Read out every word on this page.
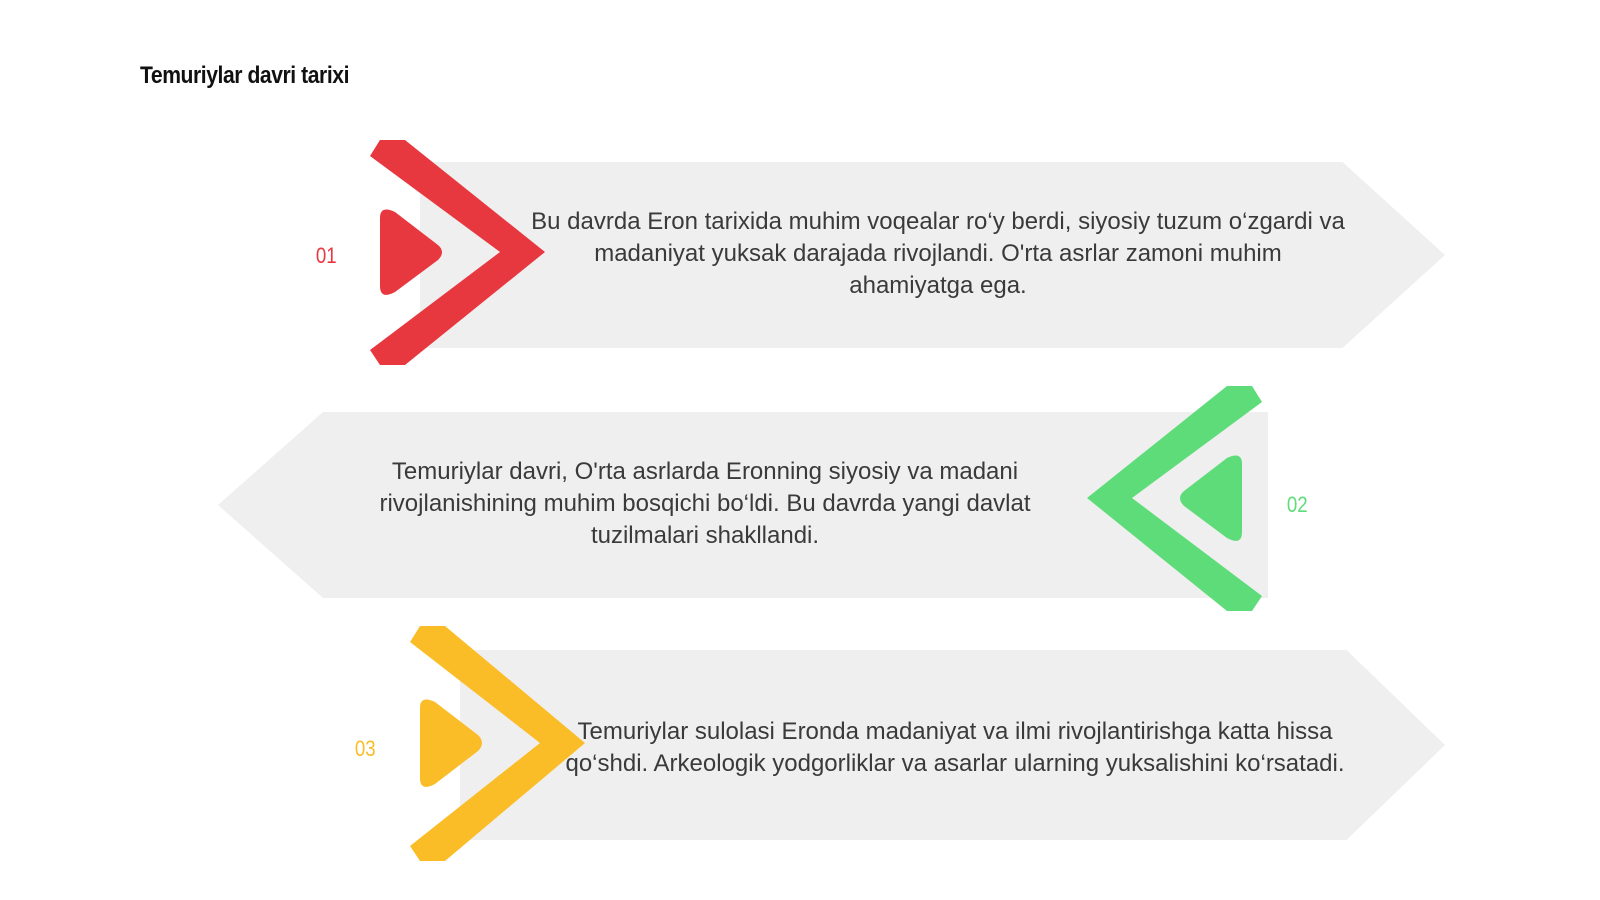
Temuriylar davri tarixi
01
Bu davrda Eron tarixida muhim voqealar ro‘y berdi, siyosiy tuzum o‘zgardi va madaniyat yuksak darajada rivojlandi. O'rta asrlar zamoni muhim ahamiyatga ega.
02
Temuriylar davri, O'rta asrlarda Eronning siyosiy va madani rivojlanishining muhim bosqichi bo‘ldi. Bu davrda yangi davlat tuzilmalari shakllandi.
03
Temuriylar sulolasi Eronda madaniyat va ilmi rivojlantirishga katta hissa qo‘shdi. Arkeologik yodgorliklar va asarlar ularning yuksalishini ko‘rsatadi.
